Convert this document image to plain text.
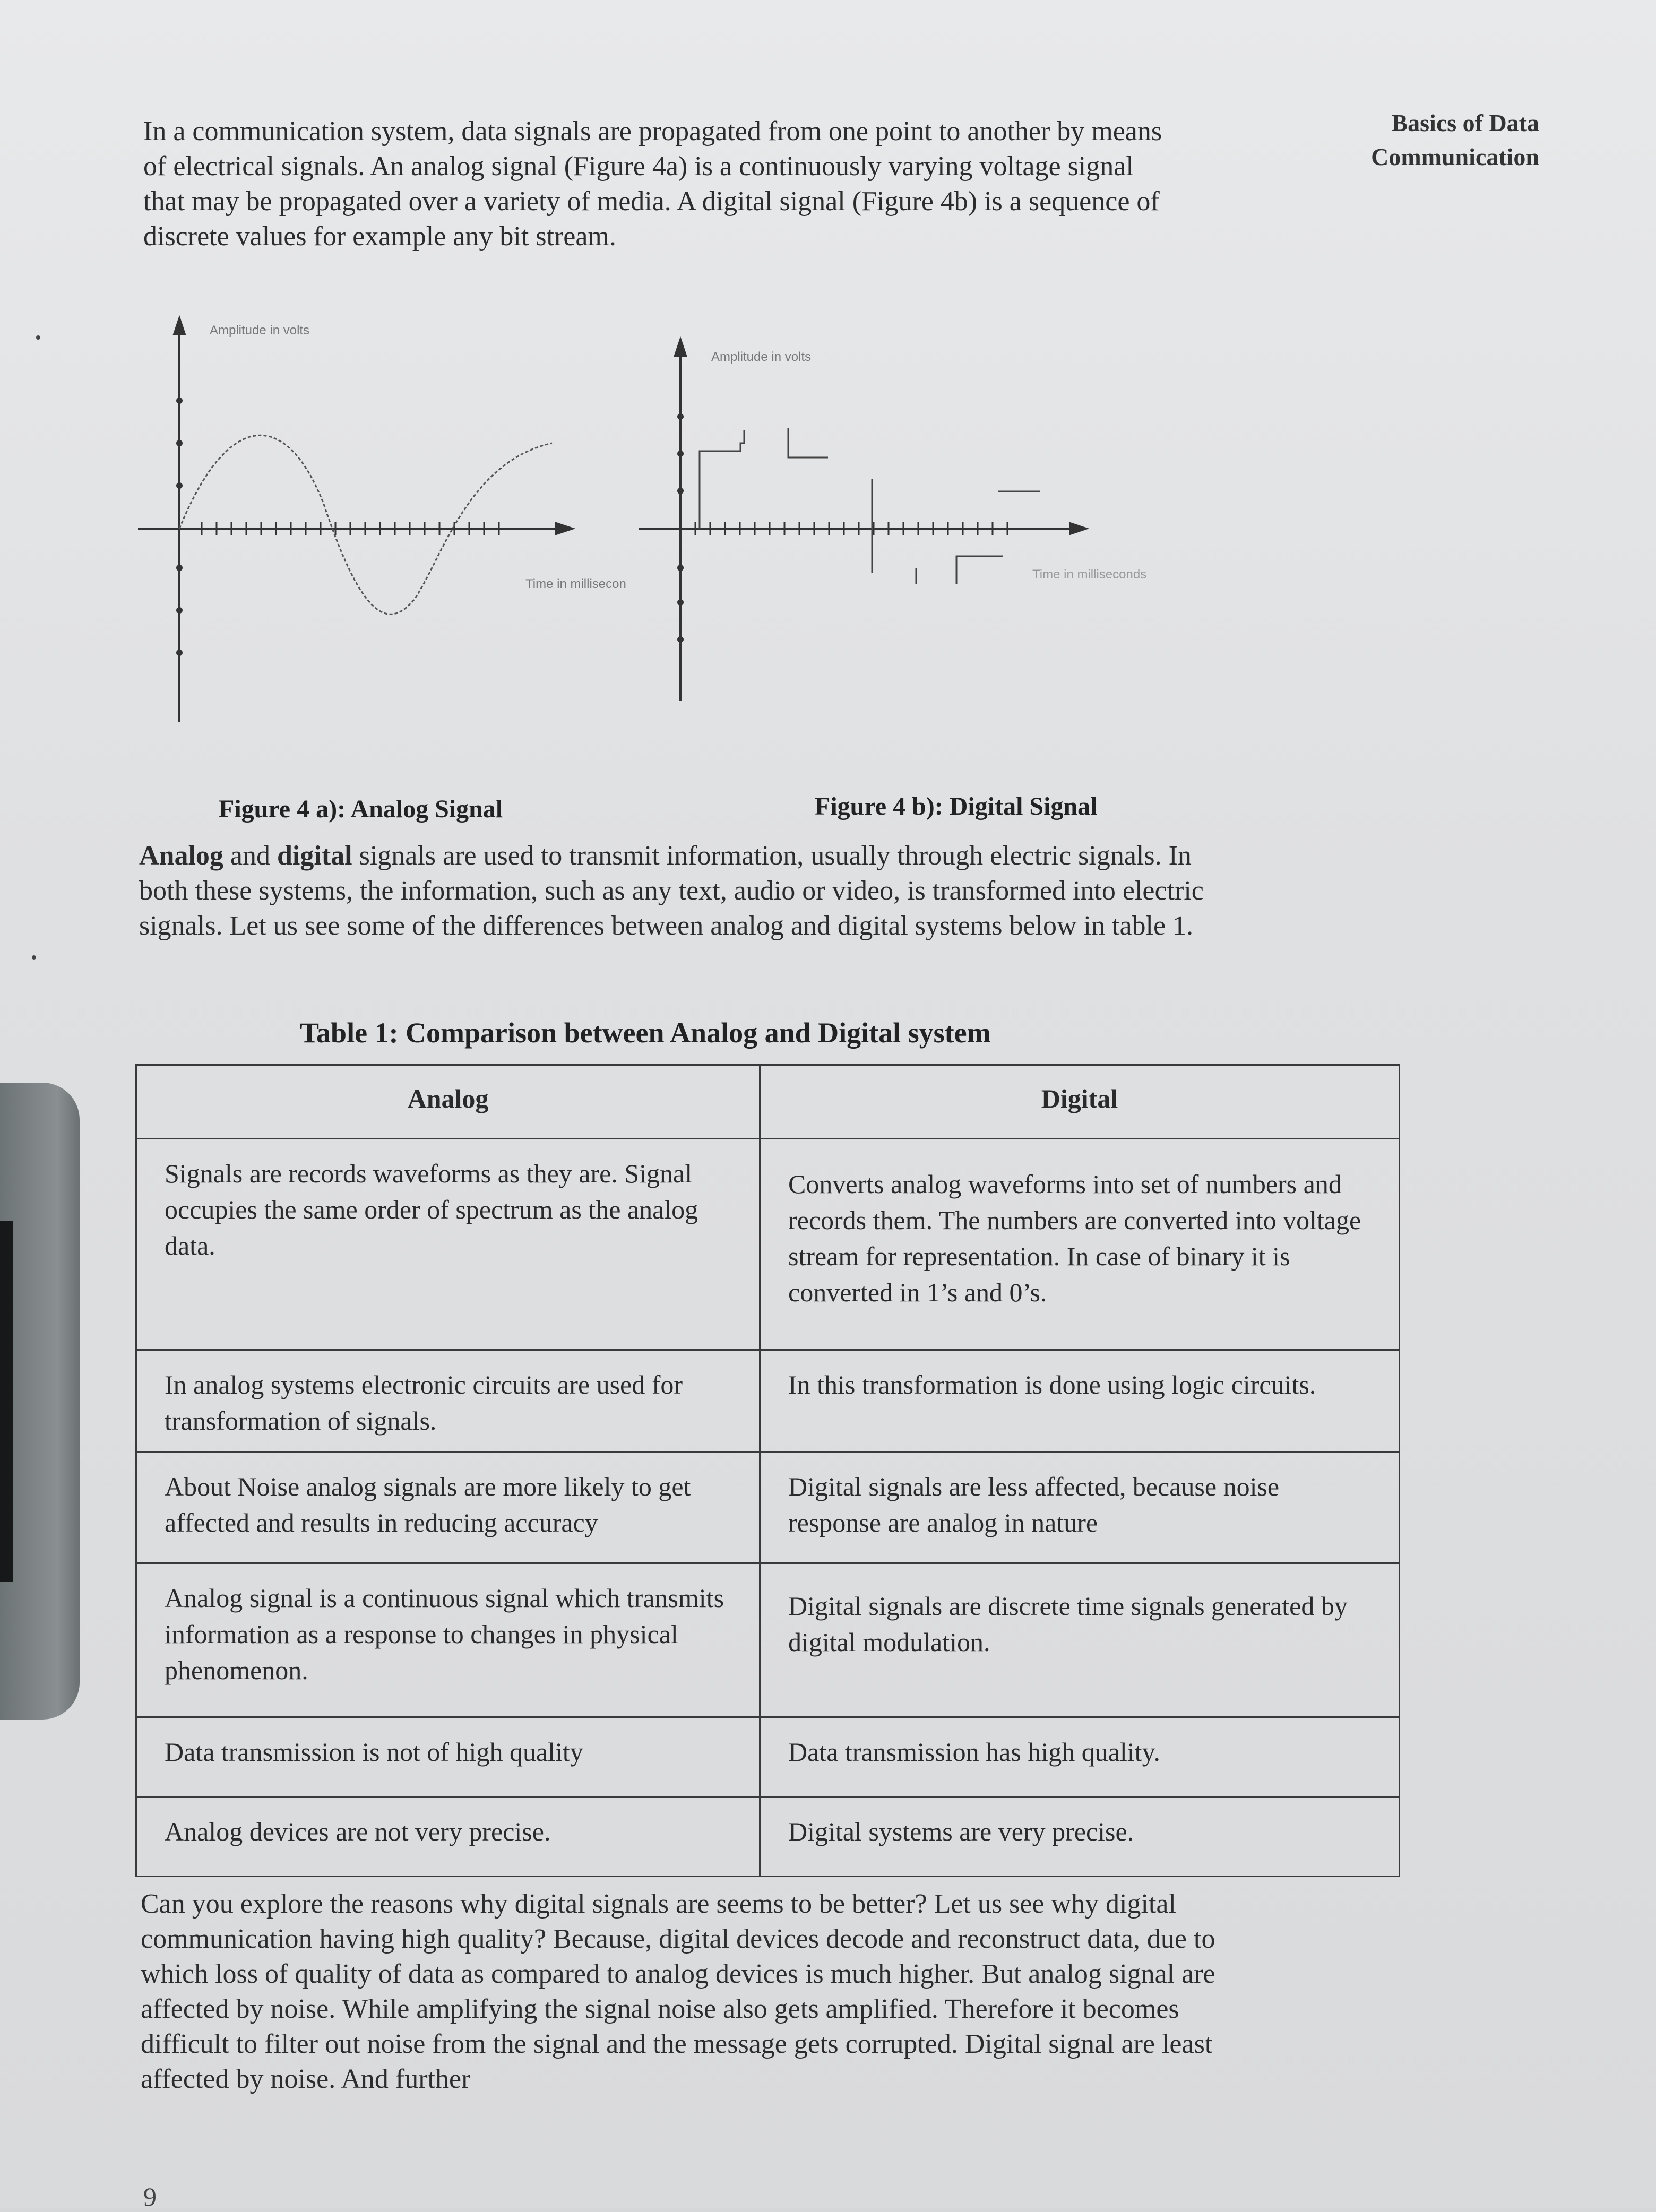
Basics of Data
Communication

In a communication system, data signals are propagated from one point to another by means of electrical signals. An analog signal (Figure 4a) is a continuously varying voltage signal that may be propagated over a variety of media. A digital signal (Figure 4b) is a sequence of discrete values for example any bit stream.

Amplitude in volts
Time in millisecon
Amplitude in volts
Time in milliseconds
Figure 4 a): Analog Signal	Figure 4 b): Digital Signal

Analog and digital signals are used to transmit information, usually through electric signals. In both these systems, the information, such as any text, audio or video, is transformed into electric signals. Let us see some of the differences between analog and digital systems below in table 1.

Table 1: Comparison between Analog and Digital system
Analog	Digital
Signals are records waveforms as they are. Signal occupies the same order of spectrum as the analog data.	Converts analog waveforms into set of numbers and records them. The numbers are converted into voltage stream for representation. In case of binary it is converted in 1’s and 0’s.
In analog systems electronic circuits are used for transformation of signals.	In this transformation is done using logic circuits.
About Noise analog signals are more likely to get affected and results in reducing accuracy	Digital signals are less affected, because noise response are analog in nature
Analog signal is a continuous signal which transmits information as a response to changes in physical phenomenon.	Digital signals are discrete time signals generated by digital modulation.
Data transmission is not of high quality	Data transmission has high quality.
Analog devices are not very precise.	Digital systems are very precise.

Can you explore the reasons why digital signals are seems to be better? Let us see why digital communication having high quality? Because, digital devices decode and reconstruct data, due to which loss of quality of data as compared to analog devices is much higher. But analog signal are affected by noise. While amplifying the signal noise also gets amplified. Therefore it becomes difficult to filter out noise from the signal and the message gets corrupted. Digital signal are least affected by noise. And further

9
